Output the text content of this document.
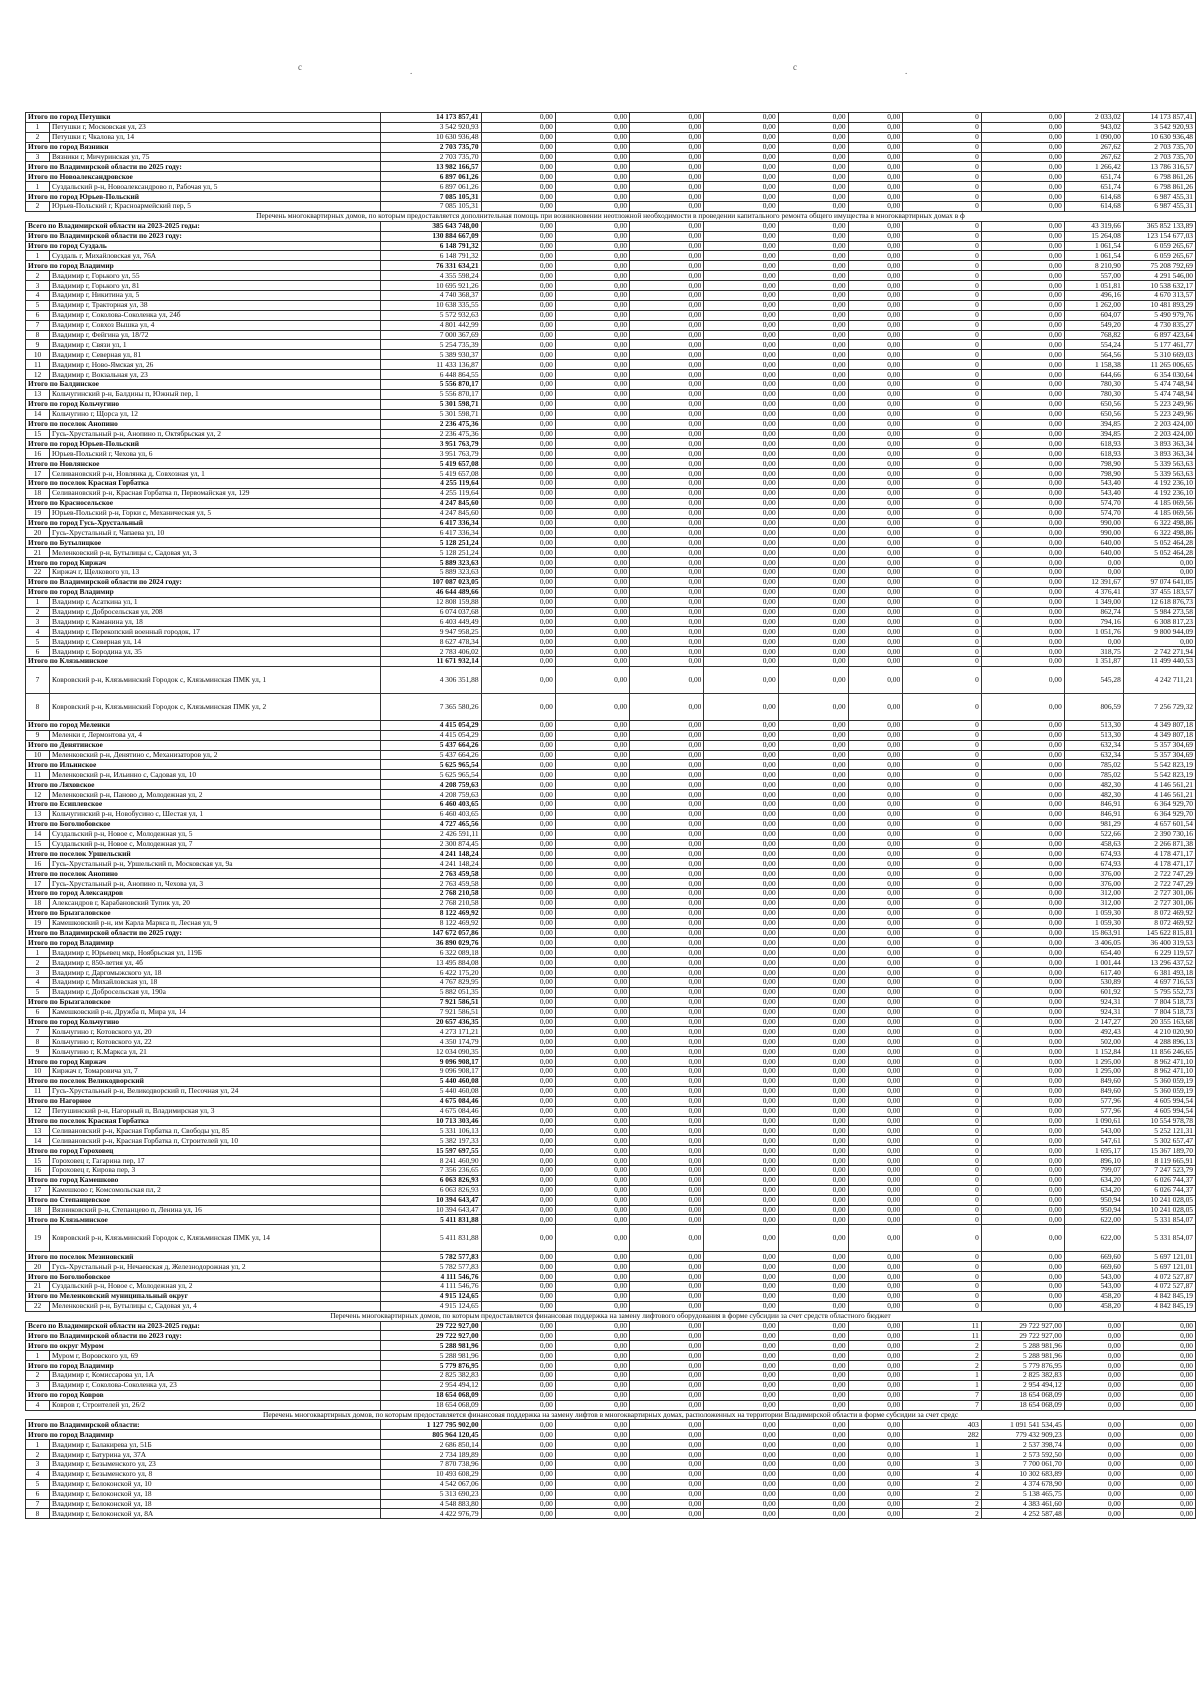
c	.	c	.
Итого по город Петушки		14 173 857,41	0,00	0,00	0,00	0,00	0,00	0,00	0	0,00	2 033,02	14 173 857,41
1	Петушки г, Московская ул, 23	3 542 920,93	0,00	0,00	0,00	0,00	0,00	0,00	0	0,00	943,02	3 542 920,93
2	Петушки г, Чкалова ул, 14	10 630 936,48	0,00	0,00	0,00	0,00	0,00	0,00	0	0,00	1 090,00	10 630 936,48
Итого по город Вязники		2 703 735,70	0,00	0,00	0,00	0,00	0,00	0,00	0	0,00	267,62	2 703 735,70
3	Вязники г, Мичуринская ул, 75	2 703 735,70	0,00	0,00	0,00	0,00	0,00	0,00	0	0,00	267,62	2 703 735,70
Итого по Владимирской области по 2025 году:		13 982 166,57	0,00	0,00	0,00	0,00	0,00	0,00	0	0,00	1 266,42	13 786 316,57
Итого по Новоалександровское		6 897 061,26	0,00	0,00	0,00	0,00	0,00	0,00	0	0,00	651,74	6 798 861,26
1	Суздальский р-н, Новоалександрово п, Рабочая ул, 5	6 897 061,26	0,00	0,00	0,00	0,00	0,00	0,00	0	0,00	651,74	6 798 861,26
Итого по город Юрьев-Польский		7 085 105,31	0,00	0,00	0,00	0,00	0,00	0,00	0	0,00	614,68	6 987 455,31
2	Юрьев-Польский г, Красноармейский пер, 5	7 085 105,31	0,00	0,00	0,00	0,00	0,00	0,00	0	0,00	614,68	6 987 455,31
Перечень многоквартирных домов, по которым предоставляется дополнительная помощь при возникновении неотложной необходимости в проведении капитального ремонта общего имущества в многоквартирных домах в ф												
Всего по Владимирской области на 2023-2025 годы:		385 643 748,00	0,00	0,00	0,00	0,00	0,00	0,00	0	0,00	43 319,66	365 852 133,89
Итого по Владимирской области по 2023 году:		130 884 667,09	0,00	0,00	0,00	0,00	0,00	0,00	0	0,00	15 264,08	123 154 677,03
Итого по город Суздаль		6 148 791,32	0,00	0,00	0,00	0,00	0,00	0,00	0	0,00	1 061,54	6 059 265,67
1	Суздаль г, Михайловская ул, 76А	6 148 791,32	0,00	0,00	0,00	0,00	0,00	0,00	0	0,00	1 061,54	6 059 265,67
Итого по город Владимир		76 331 634,21	0,00	0,00	0,00	0,00	0,00	0,00	0	0,00	8 210,90	75 208 792,69
2	Владимир г, Горького ул, 55	4 355 598,24	0,00	0,00	0,00	0,00	0,00	0,00	0	0,00	557,00	4 291 546,00
3	Владимир г, Горького ул, 81	10 695 921,26	0,00	0,00	0,00	0,00	0,00	0,00	0	0,00	1 051,81	10 538 632,17
4	Владимир г, Никитина ул, 5	4 740 368,37	0,00	0,00	0,00	0,00	0,00	0,00	0	0,00	496,16	4 670 313,57
5	Владимир г, Тракторная ул, 38	10 638 335,55	0,00	0,00	0,00	0,00	0,00	0,00	0	0,00	1 262,00	10 481 893,29
6	Владимир г, Соколова-Соколенка ул, 24б	5 572 932,63	0,00	0,00	0,00	0,00	0,00	0,00	0	0,00	604,07	5 490 979,76
7	Владимир г, Совхоз Вышка ул, 4	4 801 442,99	0,00	0,00	0,00	0,00	0,00	0,00	0	0,00	549,20	4 730 835,27
8	Владимир г, Фейгина ул, 18/72	7 000 367,69	0,00	0,00	0,00	0,00	0,00	0,00	0	0,00	768,82	6 897 423,64
9	Владимир г, Связи ул, 1	5 254 735,39	0,00	0,00	0,00	0,00	0,00	0,00	0	0,00	554,24	5 177 461,77
10	Владимир г, Северная ул, 81	5 389 930,37	0,00	0,00	0,00	0,00	0,00	0,00	0	0,00	564,56	5 310 669,03
11	Владимир г, Ново-Ямская ул, 26	11 433 136,87	0,00	0,00	0,00	0,00	0,00	0,00	0	0,00	1 158,38	11 265 006,65
12	Владимир г, Вокзальная ул, 23	6 448 864,55	0,00	0,00	0,00	0,00	0,00	0,00	0	0,00	644,66	6 354 030,64
Итого по Балдинское		5 556 870,17	0,00	0,00	0,00	0,00	0,00	0,00	0	0,00	780,30	5 474 748,94
13	Кольчугинский р-н, Балдины п, Южный пер, 1	5 556 870,17	0,00	0,00	0,00	0,00	0,00	0,00	0	0,00	780,30	5 474 748,94
Итого по город Кольчугино		5 301 598,71	0,00	0,00	0,00	0,00	0,00	0,00	0	0,00	650,56	5 223 249,96
14	Кольчугино г, Щорса ул, 12	5 301 598,71	0,00	0,00	0,00	0,00	0,00	0,00	0	0,00	650,56	5 223 249,96
Итого по поселок Анопино		2 236 475,36	0,00	0,00	0,00	0,00	0,00	0,00	0	0,00	394,85	2 203 424,00
15	Гусь-Хрустальный р-н, Анопино п, Октябрьская ул, 2	2 236 475,36	0,00	0,00	0,00	0,00	0,00	0,00	0	0,00	394,85	2 203 424,00
Итого по город Юрьев-Польский		3 951 763,79	0,00	0,00	0,00	0,00	0,00	0,00	0	0,00	618,93	3 893 363,34
16	Юрьев-Польский г, Чехова ул, 6	3 951 763,79	0,00	0,00	0,00	0,00	0,00	0,00	0	0,00	618,93	3 893 363,34
Итого по Новлянское		5 419 657,08	0,00	0,00	0,00	0,00	0,00	0,00	0	0,00	798,90	5 339 563,63
17	Селивановский р-н, Новлянка д, Совхозная ул, 1	5 419 657,08	0,00	0,00	0,00	0,00	0,00	0,00	0	0,00	798,90	5 339 563,63
Итого по поселок Красная Горбатка		4 255 119,64	0,00	0,00	0,00	0,00	0,00	0,00	0	0,00	543,40	4 192 236,10
18	Селивановский р-н, Красная Горбатка п, Первомайская ул, 129	4 255 119,64	0,00	0,00	0,00	0,00	0,00	0,00	0	0,00	543,40	4 192 236,10
Итого по Красносельское		4 247 845,60	0,00	0,00	0,00	0,00	0,00	0,00	0	0,00	574,70	4 185 069,56
19	Юрьев-Польский р-н, Горки с, Механическая ул, 5	4 247 845,60	0,00	0,00	0,00	0,00	0,00	0,00	0	0,00	574,70	4 185 069,56
Итого по город Гусь-Хрустальный		6 417 336,34	0,00	0,00	0,00	0,00	0,00	0,00	0	0,00	990,00	6 322 498,86
20	Гусь-Хрустальный г, Чапаева ул, 10	6 417 336,34	0,00	0,00	0,00	0,00	0,00	0,00	0	0,00	990,00	6 322 498,86
Итого по Бутылицкое		5 128 251,24	0,00	0,00	0,00	0,00	0,00	0,00	0	0,00	640,00	5 052 464,28
21	Меленковский р-н, Бутылицы с, Садовая ул, 3	5 128 251,24	0,00	0,00	0,00	0,00	0,00	0,00	0	0,00	640,00	5 052 464,28
Итого по город Киржач		5 889 323,63	0,00	0,00	0,00	0,00	0,00	0,00	0	0,00	0,00	0,00
22	Киржач г, Щелкового ул, 13	5 889 323,63	0,00	0,00	0,00	0,00	0,00	0,00	0	0,00	0,00	0,00
Итого по Владимирской области по 2024 году:		107 087 023,05	0,00	0,00	0,00	0,00	0,00	0,00	0	0,00	12 391,67	97 074 641,05
Итого по город Владимир		46 644 489,66	0,00	0,00	0,00	0,00	0,00	0,00	0	0,00	4 376,41	37 455 183,57
1	Владимир г, Асаткина ул, 1	12 808 159,88	0,00	0,00	0,00	0,00	0,00	0,00	0	0,00	1 349,00	12 618 876,73
2	Владимир г, Добросельская ул, 208	6 074 037,68	0,00	0,00	0,00	0,00	0,00	0,00	0	0,00	862,74	5 984 273,58
3	Владимир г, Каманина ул, 18	6 403 449,49	0,00	0,00	0,00	0,00	0,00	0,00	0	0,00	794,16	6 308 817,23
4	Владимир г, Перекопский военный городок, 17	9 947 958,25	0,00	0,00	0,00	0,00	0,00	0,00	0	0,00	1 051,76	9 800 944,09
5	Владимир г, Северная ул, 14	8 627 478,34	0,00	0,00	0,00	0,00	0,00	0,00	0	0,00	0,00	0,00
6	Владимир г, Бородина ул, 35	2 783 406,02	0,00	0,00	0,00	0,00	0,00	0,00	0	0,00	318,75	2 742 271,94
Итого по Клязьминское		11 671 932,14	0,00	0,00	0,00	0,00	0,00	0,00	0	0,00	1 351,87	11 499 440,53
7	Ковровский р-н, Клязьминский Городок с, Клязьминская ПМК ул, 1	4 306 351,88	0,00	0,00	0,00	0,00	0,00	0,00	0	0,00	545,28	4 242 711,21
8	Ковровский р-н, Клязьминский Городок с, Клязьминская ПМК ул, 2	7 365 580,26	0,00	0,00	0,00	0,00	0,00	0,00	0	0,00	806,59	7 256 729,32
Итого по город Меленки		4 415 054,29	0,00	0,00	0,00	0,00	0,00	0,00	0	0,00	513,30	4 349 807,18
9	Меленки г, Лермонтова ул, 4	4 415 054,29	0,00	0,00	0,00	0,00	0,00	0,00	0	0,00	513,30	4 349 807,18
Итого по Денятинское		5 437 664,26	0,00	0,00	0,00	0,00	0,00	0,00	0	0,00	632,34	5 357 304,69
10	Меленковский р-н, Денятино с, Механизаторов ул, 2	5 437 664,26	0,00	0,00	0,00	0,00	0,00	0,00	0	0,00	632,34	5 357 304,69
Итого по Ильинское		5 625 965,54	0,00	0,00	0,00	0,00	0,00	0,00	0	0,00	785,02	5 542 823,19
11	Меленковский р-н, Ильинно с, Садовая ул, 10	5 625 965,54	0,00	0,00	0,00	0,00	0,00	0,00	0	0,00	785,02	5 542 823,19
Итого по Ляховское		4 208 759,63	0,00	0,00	0,00	0,00	0,00	0,00	0	0,00	482,30	4 146 561,21
12	Меленковский р-н, Паново д, Молодежная ул, 2	4 208 759,63	0,00	0,00	0,00	0,00	0,00	0,00	0	0,00	482,30	4 146 561,21
Итого по Есиплевское		6 460 403,65	0,00	0,00	0,00	0,00	0,00	0,00	0	0,00	846,91	6 364 929,70
13	Кольчугинский р-н, Новобусино с, Шестая ул, 1	6 460 403,65	0,00	0,00	0,00	0,00	0,00	0,00	0	0,00	846,91	6 364 929,70
Итого по Боголюбовское		4 727 465,56	0,00	0,00	0,00	0,00	0,00	0,00	0	0,00	981,29	4 657 601,54
14	Суздальский р-н, Новое с, Молодежная ул, 5	2 426 591,11	0,00	0,00	0,00	0,00	0,00	0,00	0	0,00	522,66	2 390 730,16
15	Суздальский р-н, Новое с, Молодежная ул, 7	2 300 874,45	0,00	0,00	0,00	0,00	0,00	0,00	0	0,00	458,63	2 266 871,38
Итого по поселок Уршельский		4 241 148,24	0,00	0,00	0,00	0,00	0,00	0,00	0	0,00	674,93	4 178 471,17
16	Гусь-Хрустальный р-н, Уршельский п, Московская ул, 9а	4 241 148,24	0,00	0,00	0,00	0,00	0,00	0,00	0	0,00	674,93	4 178 471,17
Итого по поселок Анопино		2 763 459,58	0,00	0,00	0,00	0,00	0,00	0,00	0	0,00	376,00	2 722 747,29
17	Гусь-Хрустальный р-н, Анопино п, Чехова ул, 3	2 763 459,58	0,00	0,00	0,00	0,00	0,00	0,00	0	0,00	376,00	2 722 747,29
Итого по город Александров		2 768 210,58	0,00	0,00	0,00	0,00	0,00	0,00	0	0,00	312,00	2 727 301,06
18	Александров г, Карабановский Тупик ул, 20	2 768 210,58	0,00	0,00	0,00	0,00	0,00	0,00	0	0,00	312,00	2 727 301,06
Итого по Брызгаловское		8 122 469,92	0,00	0,00	0,00	0,00	0,00	0,00	0	0,00	1 059,30	8 072 469,92
19	Камешковский р-н, им Карла Маркса п, Лесная ул, 9	8 122 469,92	0,00	0,00	0,00	0,00	0,00	0,00	0	0,00	1 059,30	8 072 469,92
Итого по Владимирской области по 2025 году:		147 672 057,86	0,00	0,00	0,00	0,00	0,00	0,00	0	0,00	15 863,91	145 622 815,81
Итого по город Владимир		36 890 029,76	0,00	0,00	0,00	0,00	0,00	0,00	0	0,00	3 406,05	36 400 319,53
1	Владимир г, Юрьевец мкр, Ноябрьская ул, 119Б	6 322 089,18	0,00	0,00	0,00	0,00	0,00	0,00	0	0,00	654,40	6 229 119,57
2	Владимир г, 850-летия ул, 4б	13 495 884,08	0,00	0,00	0,00	0,00	0,00	0,00	0	0,00	1 001,44	13 296 437,52
3	Владимир г, Даргомыжского ул, 18	6 422 175,20	0,00	0,00	0,00	0,00	0,00	0,00	0	0,00	617,40	6 381 493,18
4	Владимир г, Михайловская ул, 18	4 767 829,95	0,00	0,00	0,00	0,00	0,00	0,00	0	0,00	530,89	4 697 716,53
5	Владимир г, Добросельская ул, 190а	5 882 051,35	0,00	0,00	0,00	0,00	0,00	0,00	0	0,00	601,92	5 795 552,73
Итого по Брызгаловское		7 921 586,51	0,00	0,00	0,00	0,00	0,00	0,00	0	0,00	924,31	7 804 518,73
6	Камешковский р-н, Дружба п, Мира ул, 14	7 921 586,51	0,00	0,00	0,00	0,00	0,00	0,00	0	0,00	924,31	7 804 518,73
Итого по город Кольчугино		20 657 436,35	0,00	0,00	0,00	0,00	0,00	0,00	0	0,00	2 147,27	20 355 163,68
7	Кольчугино г, Котовского ул, 20	4 273 171,21	0,00	0,00	0,00	0,00	0,00	0,00	0	0,00	492,43	4 210 020,90
8	Кольчугино г, Котовского ул, 22	4 350 174,79	0,00	0,00	0,00	0,00	0,00	0,00	0	0,00	502,00	4 288 896,13
9	Кольчугино г, К.Маркса ул, 21	12 034 090,35	0,00	0,00	0,00	0,00	0,00	0,00	0	0,00	1 152,84	11 856 246,65
Итого по город Киржач		9 096 908,17	0,00	0,00	0,00	0,00	0,00	0,00	0	0,00	1 295,00	8 962 471,10
10	Киржач г, Томаровича ул, 7	9 096 908,17	0,00	0,00	0,00	0,00	0,00	0,00	0	0,00	1 295,00	8 962 471,10
Итого по поселок Великодворский		5 440 460,08	0,00	0,00	0,00	0,00	0,00	0,00	0	0,00	849,60	5 360 059,19
11	Гусь-Хрустальный р-н, Великодворский п, Песочная ул, 24	5 440 460,08	0,00	0,00	0,00	0,00	0,00	0,00	0	0,00	849,60	5 360 059,19
Итого по Нагорное		4 675 084,46	0,00	0,00	0,00	0,00	0,00	0,00	0	0,00	577,96	4 605 994,54
12	Петушинский р-н, Нагорный п, Владимирская ул, 3	4 675 084,46	0,00	0,00	0,00	0,00	0,00	0,00	0	0,00	577,96	4 605 994,54
Итого по поселок Красная Горбатка		10 713 303,46	0,00	0,00	0,00	0,00	0,00	0,00	0	0,00	1 090,61	10 554 978,78
13	Селивановский р-н, Красная Горбатка п, Свободы ул, 85	5 331 106,13	0,00	0,00	0,00	0,00	0,00	0,00	0	0,00	543,00	5 252 121,31
14	Селивановский р-н, Красная Горбатка п, Строителей ул, 10	5 382 197,33	0,00	0,00	0,00	0,00	0,00	0,00	0	0,00	547,61	5 302 657,47
Итого по город Гороховец		15 597 697,55	0,00	0,00	0,00	0,00	0,00	0,00	0	0,00	1 695,17	15 367 189,70
15	Гороховец г, Гагарина пер, 17	8 241 460,90	0,00	0,00	0,00	0,00	0,00	0,00	0	0,00	896,10	8 119 665,91
16	Гороховец г, Кирова пер, 3	7 356 236,65	0,00	0,00	0,00	0,00	0,00	0,00	0	0,00	799,07	7 247 523,79
Итого по город Камешково		6 063 826,93	0,00	0,00	0,00	0,00	0,00	0,00	0	0,00	634,20	6 026 744,37
17	Камешково г, Комсомольская пл, 2	6 063 826,93	0,00	0,00	0,00	0,00	0,00	0,00	0	0,00	634,20	6 026 744,37
Итого по Степанцевское		10 394 643,47	0,00	0,00	0,00	0,00	0,00	0,00	0	0,00	950,94	10 241 028,05
18	Вязниковский р-н, Степанцево п, Ленина ул, 16	10 394 643,47	0,00	0,00	0,00	0,00	0,00	0,00	0	0,00	950,94	10 241 028,05
Итого по Клязьминское		5 411 831,88	0,00	0,00	0,00	0,00	0,00	0,00	0	0,00	622,00	5 331 854,07
19	Ковровский р-н, Клязьминский Городок с, Клязьминская ПМК ул, 14	5 411 831,88	0,00	0,00	0,00	0,00	0,00	0,00	0	0,00	622,00	5 331 854,07
Итого по поселок Мезиновский		5 782 577,83	0,00	0,00	0,00	0,00	0,00	0,00	0	0,00	669,60	5 697 121,01
20	Гусь-Хрустальный р-н, Нечаевская д, Железнодорожная ул, 2	5 782 577,83	0,00	0,00	0,00	0,00	0,00	0,00	0	0,00	669,60	5 697 121,01
Итого по Боголюбовское		4 111 546,76	0,00	0,00	0,00	0,00	0,00	0,00	0	0,00	543,00	4 072 527,87
21	Суздальский р-н, Новое с, Молодежная ул, 2	4 111 546,76	0,00	0,00	0,00	0,00	0,00	0,00	0	0,00	543,00	4 072 527,87
Итого по Меленковский муниципальный округ		4 915 124,65	0,00	0,00	0,00	0,00	0,00	0,00	0	0,00	458,20	4 842 845,19
22	Меленковский р-н, Бутылицы с, Садовая ул, 4	4 915 124,65	0,00	0,00	0,00	0,00	0,00	0,00	0	0,00	458,20	4 842 845,19
Перечень многоквартирных домов, по которым предоставляется финансовая поддержка на замену лифтового оборудования в форме субсидии за счет средств областного бюджет												
Всего по Владимирской области на 2023-2025 годы:		29 722 927,00	0,00	0,00	0,00	0,00	0,00	0,00	11	29 722 927,00	0,00	0,00
Итого по Владимирской области по 2023 году:		29 722 927,00	0,00	0,00	0,00	0,00	0,00	0,00	11	29 722 927,00	0,00	0,00
Итого по округ Муром		5 288 981,96	0,00	0,00	0,00	0,00	0,00	0,00	2	5 288 981,96	0,00	0,00
1	Муром г, Воровского ул, 69	5 288 981,96	0,00	0,00	0,00	0,00	0,00	0,00	2	5 288 981,96	0,00	0,00
Итого по город Владимир		5 779 876,95	0,00	0,00	0,00	0,00	0,00	0,00	2	5 779 876,95	0,00	0,00
2	Владимир г, Комиссарова ул, 1А	2 825 382,83	0,00	0,00	0,00	0,00	0,00	0,00	1	2 825 382,83	0,00	0,00
3	Владимир г, Соколова-Соколенка ул, 23	2 954 494,12	0,00	0,00	0,00	0,00	0,00	0,00	1	2 954 494,12	0,00	0,00
Итого по город Ковров		18 654 068,09	0,00	0,00	0,00	0,00	0,00	0,00	7	18 654 068,09	0,00	0,00
4	Ковров г, Строителей ул, 26/2	18 654 068,09	0,00	0,00	0,00	0,00	0,00	0,00	7	18 654 068,09	0,00	0,00
Перечень многоквартирных домов, по которым предоставляется финансовая поддержка на замену лифтов в многоквартирных домах, расположенных на территории Владимирской области в форме субсидии за счет средс												
Итого по Владимирской области:		1 127 795 902,00	0,00	0,00	0,00	0,00	0,00	0,00	403	1 091 541 534,45	0,00	0,00
Итого по город Владимир		805 964 120,45	0,00	0,00	0,00	0,00	0,00	0,00	282	779 432 909,23	0,00	0,00
1	Владимир г, Балакирева ул, 51Б	2 686 850,14	0,00	0,00	0,00	0,00	0,00	0,00	1	2 537 398,74	0,00	0,00
2	Владимир г, Батурина ул, 37А	2 734 189,89	0,00	0,00	0,00	0,00	0,00	0,00	1	2 573 592,50	0,00	0,00
3	Владимир г, Безыменского ул, 23	7 870 738,96	0,00	0,00	0,00	0,00	0,00	0,00	3	7 700 061,70	0,00	0,00
4	Владимир г, Безыменского ул, 8	10 493 608,29	0,00	0,00	0,00	0,00	0,00	0,00	4	10 302 683,89	0,00	0,00
5	Владимир г, Белоконской ул, 10	4 542 067,06	0,00	0,00	0,00	0,00	0,00	0,00	2	4 374 678,90	0,00	0,00
6	Владимир г, Белоконской ул, 18	5 313 690,23	0,00	0,00	0,00	0,00	0,00	0,00	2	5 138 465,75	0,00	0,00
7	Владимир г, Белоконской ул, 18	4 548 883,80	0,00	0,00	0,00	0,00	0,00	0,00	2	4 383 461,60	0,00	0,00
8	Владимир г, Белоконской ул, 8А	4 422 976,79	0,00	0,00	0,00	0,00	0,00	0,00	2	4 252 587,48	0,00	0,00
